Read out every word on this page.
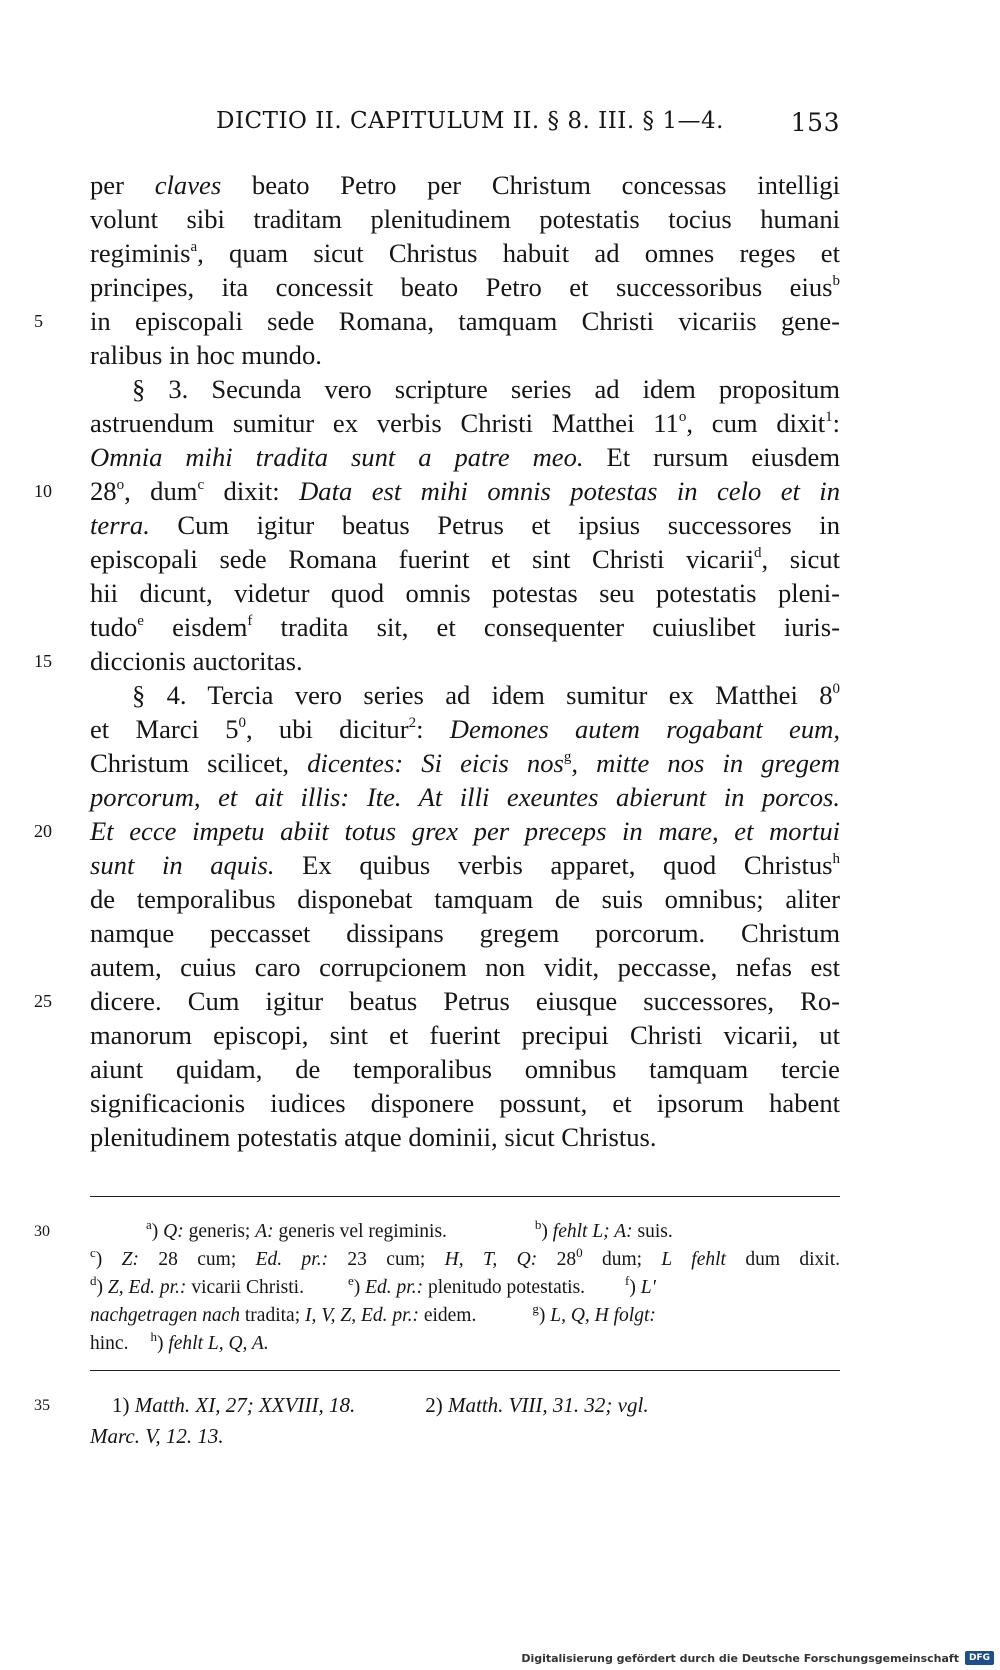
DICTIO II. CAPITULUM II. § 8. III. § 1—4.	153
per claves beato Petro per Christum concessas intelligi
volunt sibi traditam plenitudinem potestatis tocius humani
regiminis$^a$, quam sicut Christus habuit ad omnes reges et
principes, ita concessit beato Petro et successoribus eius$^b$
5	in episcopali sede Romana, tamquam Christi vicariis gene-
ralibus in hoc mundo.
§ 3. Secunda vero scripture series ad idem propositum
astruendum sumitur ex verbis Christi Matthei 11$^o$, cum dixit$^1$:
Omnia mihi tradita sunt a patre meo. Et rursum eiusdem
10	28$^o$, dum$^c$ dixit: Data est mihi omnis potestas in celo et in
terra. Cum igitur beatus Petrus et ipsius successores in
episcopali sede Romana fuerint et sint Christi vicarii$^d$, sicut
hii dicunt, videtur quod omnis potestas seu potestatis pleni-
tudo$^e$ eisdem$^f$ tradita sit, et consequenter cuiuslibet iuris-
15	diccionis auctoritas.
§ 4. Tercia vero series ad idem sumitur ex Matthei $8^0$
et Marci $5^0$, ubi dicitur$^2$: Demones autem rogabant eum,
Christum scilicet, dicentes: Si eicis nos$^g$, mitte nos in gregem
porcorum, et ait illis: Ite. At illi exeuntes abierunt in porcos.
20	Et ecce impetu abiit totus grex per preceps in mare, et mortui
sunt in aquis. Ex quibus verbis apparet, quod Christus$^h$
de temporalibus disponebat tamquam de suis omnibus; aliter
namque peccasset dissipans gregem porcorum. Christum
autem, cuius caro corrupcionem non vidit, peccasse, nefas est
25	dicere. Cum igitur beatus Petrus eiusque successores, Ro-
manorum episcopi, sint et fuerint precipui Christi vicarii, ut
aiunt quidam, de temporalibus omnibus tamquam tercie
significacionis iudices disponere possunt, et ipsorum habent
plenitudinem potestatis atque dominii, sicut Christus.
30	$^a$) Q: generis; A: generis vel regiminis.	$^b$) fehlt L; A: suis.
$^c$) Z: 28 cum; Ed. pr.: 23 cum; H, T, Q: $28^0$ dum; L fehlt dum dixit.
$^d$) Z, Ed. pr.: vicarii Christi.	$^e$) Ed. pr.: plenitudo potestatis.	$^f$) L'
nachgetragen nach tradita; I, V, Z, Ed. pr.: eidem.	$^g$) L, Q, H folgt:
hinc. $^h$) fehlt L, Q, A.
35	1) Matth. XI, 27; XXVIII, 18.	2) Matth. VIII, 31. 32; vgl.
Marc. V, 12. 13.
Digitalisierung gefördert durch die Deutsche Forschungsgemeinschaft	DFG
